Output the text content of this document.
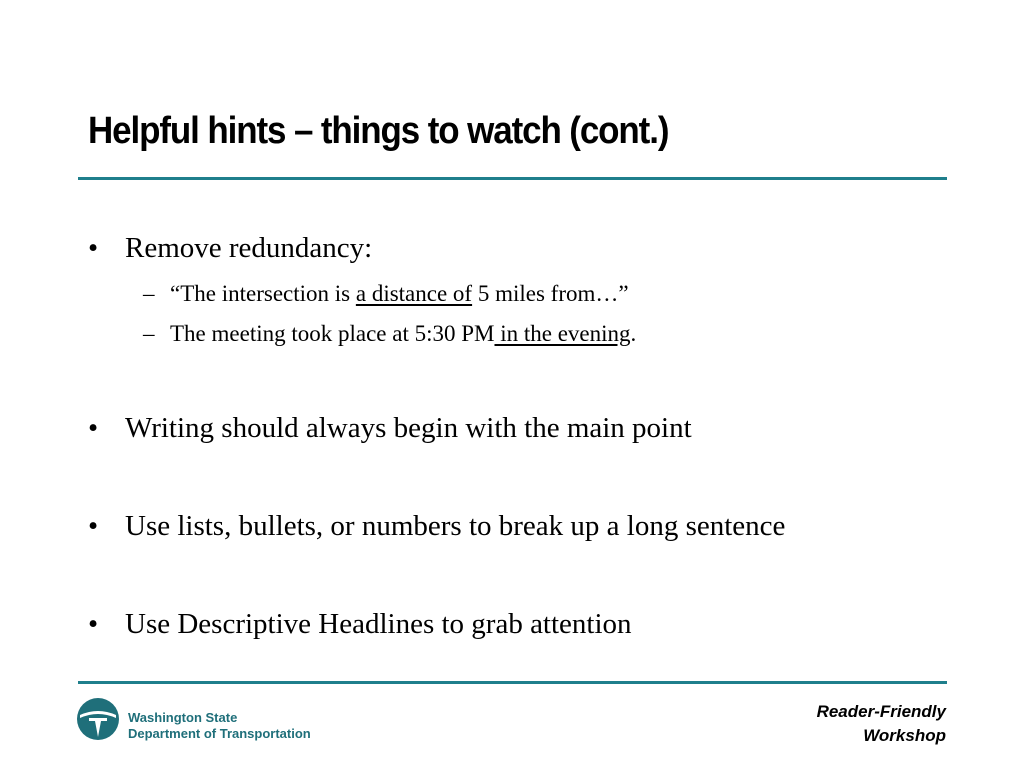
Helpful hints – things to watch (cont.)
• Remove redundancy:
– “The intersection is a distance of 5 miles from…”
– The meeting took place at 5:30 PM in the evening.
• Writing should always begin with the main point
• Use lists, bullets, or numbers to break up a long sentence
• Use Descriptive Headlines to grab attention
Washington State
Department of Transportation
Reader-Friendly
Workshop
